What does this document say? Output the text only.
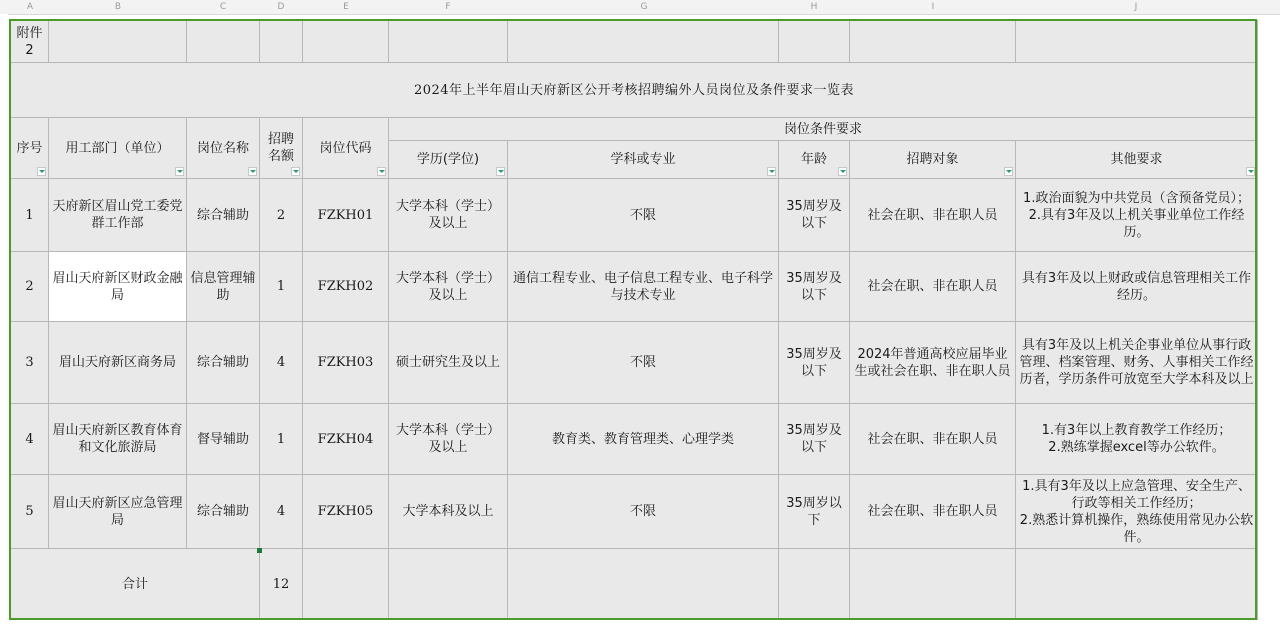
A	B	C	D	E	F	G	H	I	J
附件2									
2024年上半年眉山天府新区公开考核招聘编外人员岗位及条件要求一览表									
序号	用工部门（单位）	岗位名称	招聘名额	岗位代码	岗位条件要求				
					学历(学位)	学科或专业	年龄	招聘对象	其他要求

1	天府新区眉山党工委党群工作部	综合辅助	2	FZKH01	大学本科（学士）及以上	不限	35周岁及以下	社会在职、非在职人员	1.政治面貌为中共党员（含预备党员）；
2.具有3年及以上机关事业单位工作经历。
2	眉山天府新区财政金融局	信息管理辅助	1	FZKH02	大学本科（学士）及以上	通信工程专业、电子信息工程专业、电子科学与技术专业	35周岁及以下	社会在职、非在职人员	具有3年及以上财政或信息管理相关工作经历。
3	眉山天府新区商务局	综合辅助	4	FZKH03	硕士研究生及以上	不限	35周岁及以下	2024年普通高校应届毕业生或社会在职、非在职人员	具有3年及以上机关企事业单位从事行政管理、档案管理、财务、人事相关工作经历者，学历条件可放宽至大学本科及以上
4	眉山天府新区教育体育和文化旅游局	督导辅助	1	FZKH04	大学本科（学士）及以上	教育类、教育管理类、心理学类	35周岁及以下	社会在职、非在职人员	1.有3年以上教育教学工作经历；
2.熟练掌握excel等办公软件。
5	眉山天府新区应急管理局	综合辅助	4	FZKH05	大学本科及以上	不限	35周岁以下	社会在职、非在职人员	1.具有3年及以上应急管理、安全生产、行政等相关工作经历；
2.熟悉计算机操作，熟练使用常见办公软件。
合计			12						
